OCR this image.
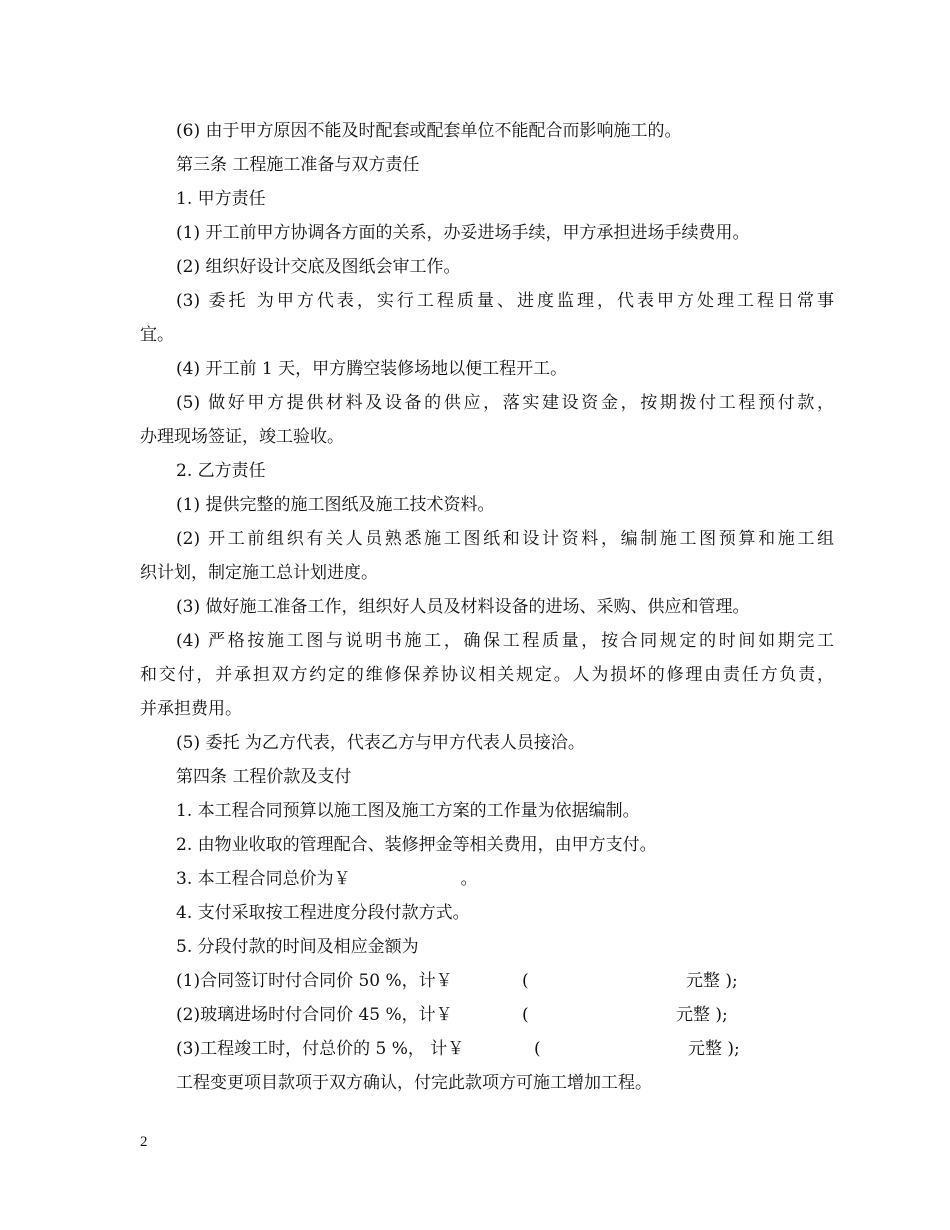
(6) 由于甲方原因不能及时配套或配套单位不能配合而影响施工的。
第三条 工程施工准备与双方责任
1. 甲方责任
(1) 开工前甲方协调各方面的关系，办妥进场手续，甲方承担进场手续费用。
(2) 组织好设计交底及图纸会审工作。
(3) 委托 为甲方代表，实行工程质量、进度监理，代表甲方处理工程日常事
宜。
(4) 开工前 1 天，甲方腾空装修场地以便工程开工。
(5) 做好甲方提供材料及设备的供应，落实建设资金，按期拨付工程预付款，
办理现场签证，竣工验收。
2. 乙方责任
(1) 提供完整的施工图纸及施工技术资料。
(2) 开工前组织有关人员熟悉施工图纸和设计资料，编制施工图预算和施工组
织计划，制定施工总计划进度。
(3) 做好施工准备工作，组织好人员及材料设备的进场、采购、供应和管理。
(4) 严格按施工图与说明书施工，确保工程质量，按合同规定的时间如期完工
和交付，并承担双方约定的维修保养协议相关规定。人为损坏的修理由责任方负责，
并承担费用。
(5) 委托 为乙方代表，代表乙方与甲方代表人员接洽。
第四条 工程价款及支付
1. 本工程合同预算以施工图及施工方案的工作量为依据编制。
2. 由物业收取的管理配合、装修押金等相关费用，由甲方支付。
3. 本工程合同总价为￥	。
4. 支付采取按工程进度分段付款方式。
5. 分段付款的时间及相应金额为
(1)合同签订时付合同价 50 %，计￥	(	元整 );
(2)玻璃进场时付合同价 45 %，计￥	(	元整 );
(3)工程竣工时，付总价的 5 %， 计￥	(	元整 );
工程变更项目款项于双方确认，付完此款项方可施工增加工程。
2
